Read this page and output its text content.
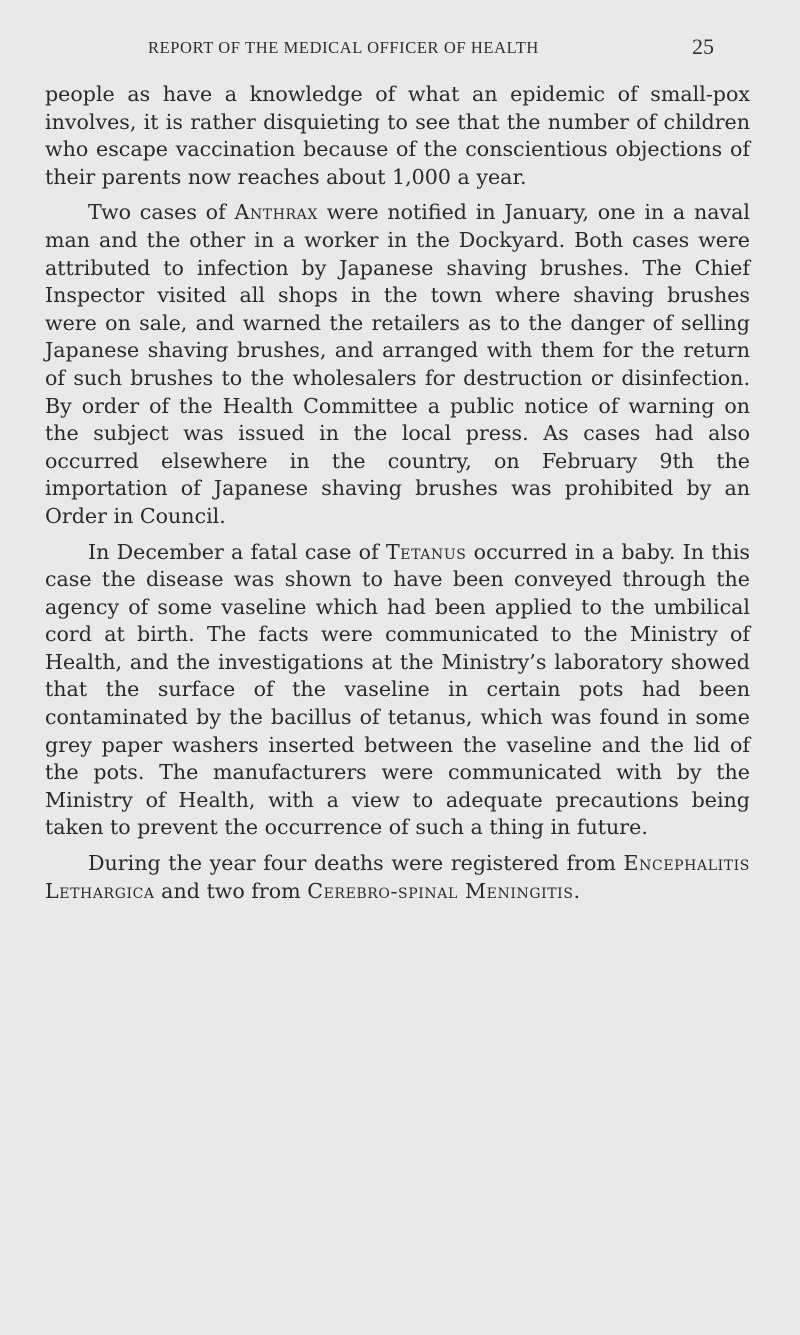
REPORT OF THE MEDICAL OFFICER OF HEALTH	25

people as have a knowledge of what an epidemic of small-pox involves, it is rather disquieting to see that the number of children who escape vaccination because of the conscientious objections of their parents now reaches about 1,000 a year.

Two cases of Anthrax were notified in January, one in a naval man and the other in a worker in the Dockyard. Both cases were attributed to infection by Japanese shaving brushes. The Chief Inspector visited all shops in the town where shaving brushes were on sale, and warned the retailers as to the danger of selling Japanese shaving brushes, and arranged with them for the return of such brushes to the wholesalers for destruction or disinfection. By order of the Health Committee a public notice of warning on the subject was issued in the local press. As cases had also occurred elsewhere in the country, on February 9th the importation of Japanese shaving brushes was prohibited by an Order in Council.

In December a fatal case of Tetanus occurred in a baby. In this case the disease was shown to have been conveyed through the agency of some vaseline which had been applied to the umbilical cord at birth. The facts were communicated to the Ministry of Health, and the investigations at the Ministry’s laboratory showed that the surface of the vaseline in certain pots had been contaminated by the bacillus of tetanus, which was found in some grey paper washers inserted between the vaseline and the lid of the pots. The manufacturers were communicated with by the Ministry of Health, with a view to adequate precautions being taken to prevent the occurrence of such a thing in future.

During the year four deaths were registered from Encephalitis Lethargica and two from Cerebro-spinal Meningitis.
